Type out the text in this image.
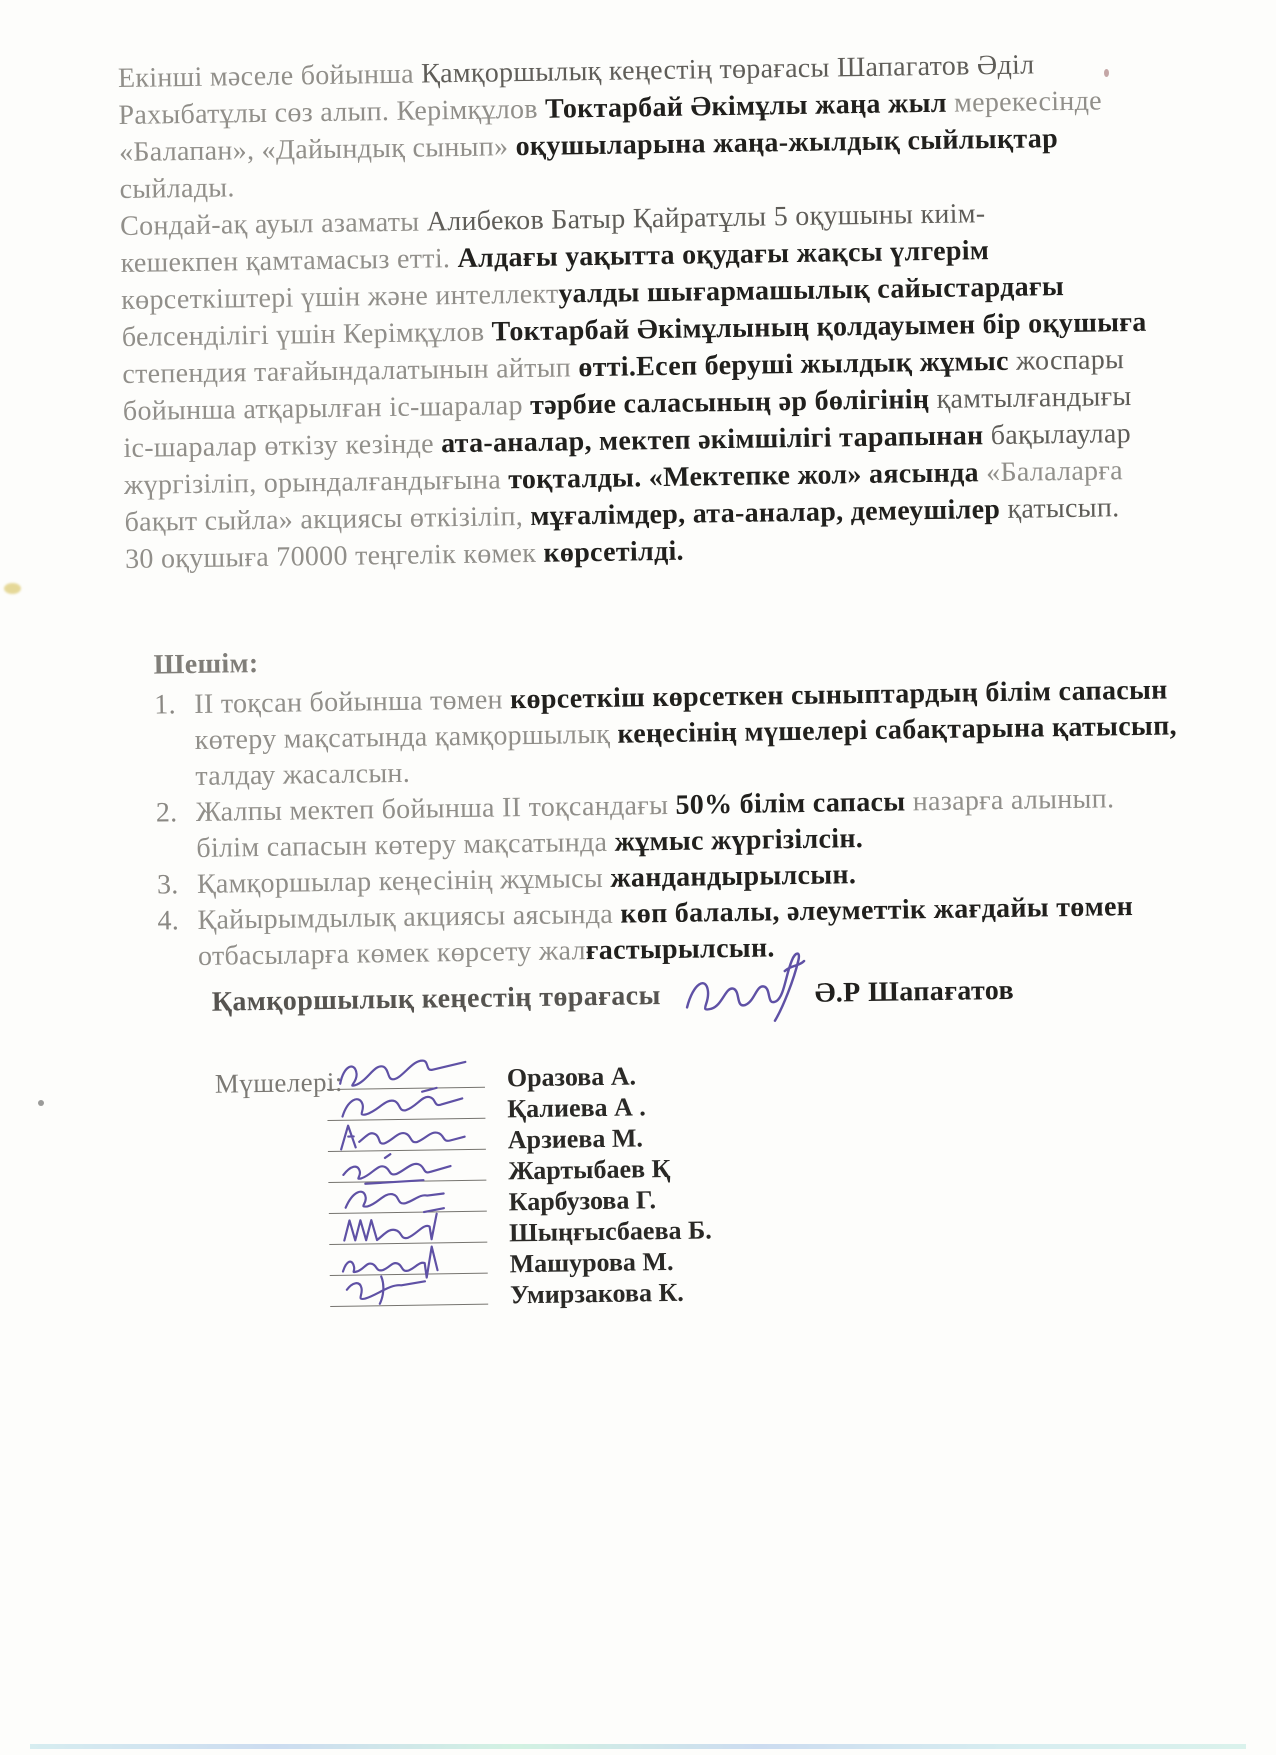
Екінші мәселе бойынша Қамқоршылық кеңестің төрағасы Шапагатов Әділ
Рахыбатұлы сөз алып. Керімқұлов Токтарбай Әкімұлы жаңа жыл мерекесінде
«Балапан», «Дайындық сынып» оқушыларына жаңа-жылдық сыйлықтар
сыйлады.
Сондай-ақ ауыл азаматы Алибеков Батыр Қайратұлы 5 оқушыны киім-
кешекпен қамтамасыз етті. Алдағы уақытта оқудағы жақсы үлгерім
көрсеткіштері үшін және интеллектуалды шығармашылық сайыстардағы
белсенділігі үшін Керімқұлов Токтарбай Әкімұлының қолдауымен бір оқушыға
степендия тағайындалатынын айтып өтті.Есеп беруші жылдық жұмыс жоспары
бойынша атқарылған іс-шаралар тәрбие саласының әр бөлігінің қамтылғандығы
іс-шаралар өткізу кезінде ата-аналар, мектеп әкімшілігі тарапынан бақылаулар
жүргізіліп, орындалғандығына тоқталды. «Мектепке жол» аясында «Балаларға
бақыт сыйла» акциясы өткізіліп, мұғалімдер, ата-аналар, демеушілер қатысып.
30 оқушыға 70000 теңгелік көмек көрсетілді.
Шешім:
1. ІІ тоқсан бойынша төмен көрсеткіш көрсеткен сыныптардың білім сапасын
көтеру мақсатында қамқоршылық кеңесінің мүшелері сабақтарына қатысып,
талдау жасалсын.
2. Жалпы мектеп бойынша ІІ тоқсандағы 50% білім сапасы назарға алынып.
білім сапасын көтеру мақсатында жұмыс жүргізілсін.
3. Қамқоршылар кеңесінің жұмысы жандандырылсын.
4. Қайырымдылық акциясы аясында көп балалы, әлеуметтік жағдайы төмен
отбасыларға көмек көрсету жалғастырылсын.
Қамқоршылық кеңестің төрағасы	Ә.Р Шапағатов
Мүшелері:	Оразова А.
Қалиева А .
Арзиева М.
Жартыбаев Қ
Карбузова Г.
Шыңғысбаева Б.
Машурова М.
Умирзакова К.
